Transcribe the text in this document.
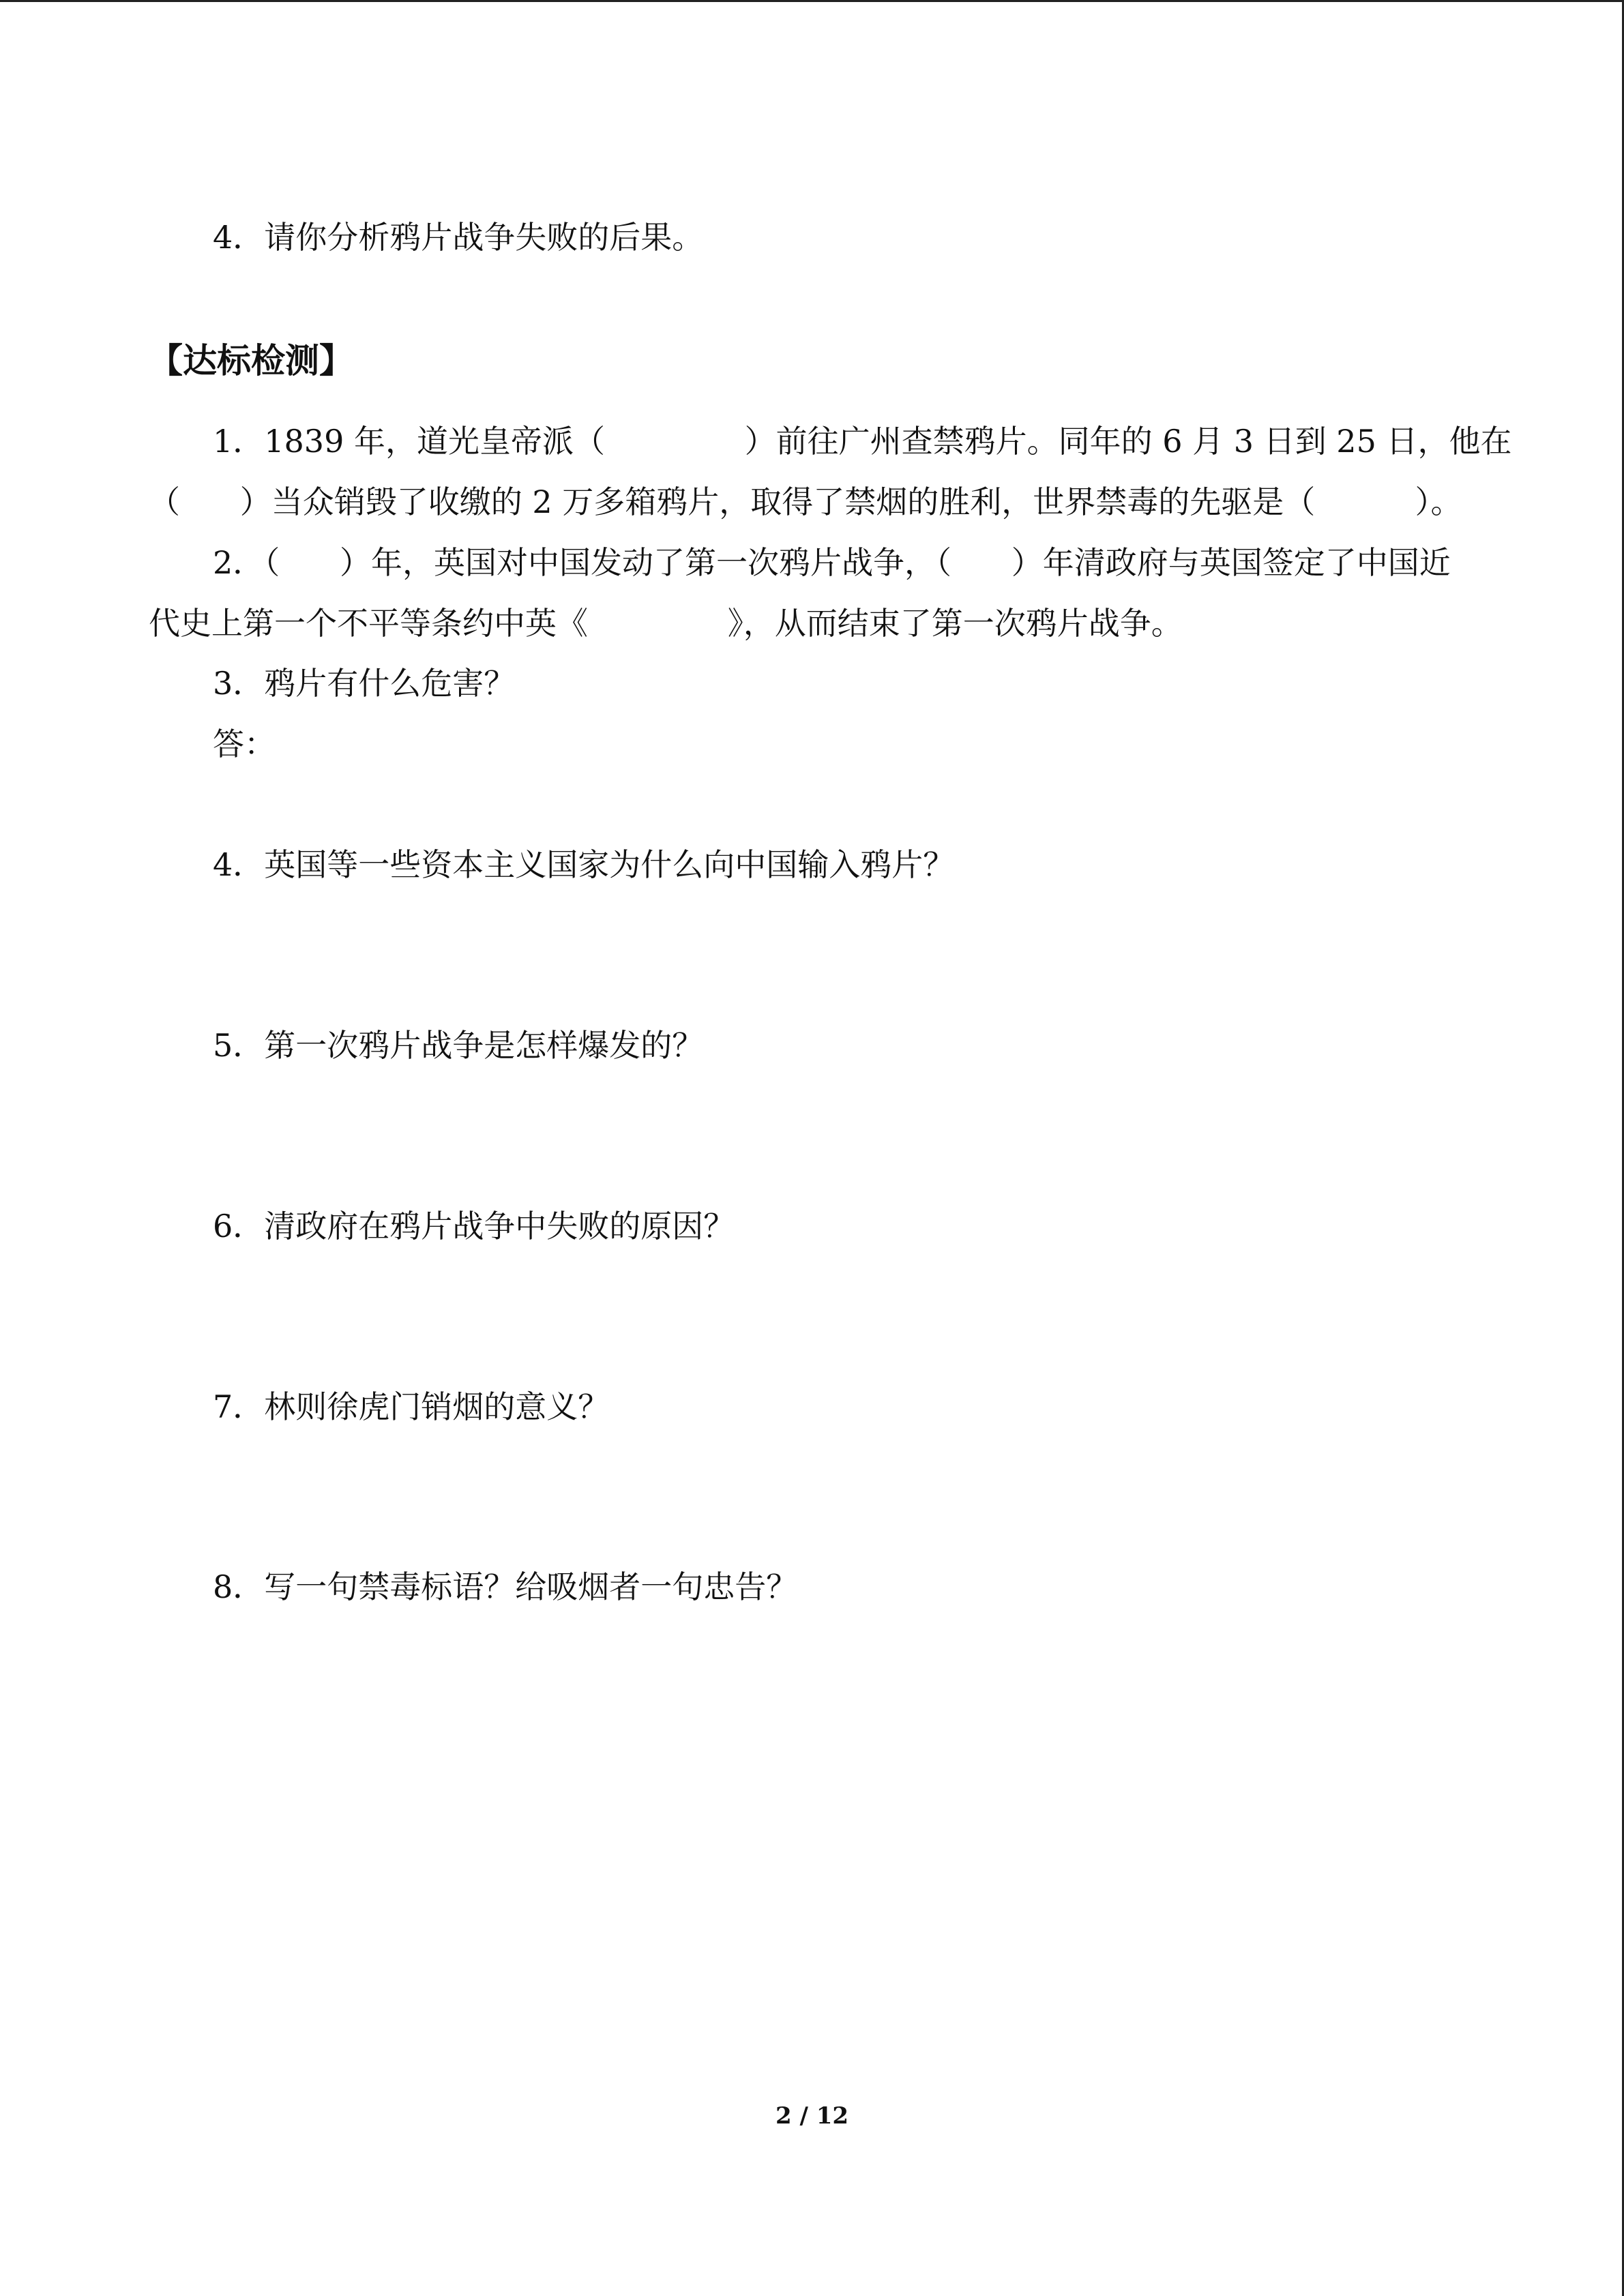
4．请你分析鸦片战争失败的后果。
【达标检测】
1．1839 年，道光皇帝派（              ）前往广州查禁鸦片。同年的 6 月 3 日到 25 日，他在
（      ）当众销毁了收缴的 2 万多箱鸦片，取得了禁烟的胜利，世界禁毒的先驱是（          ）。
2．（      ）年，英国对中国发动了第一次鸦片战争，（      ）年清政府与英国签定了中国近
代史上第一个不平等条约中英《              》，从而结束了第一次鸦片战争。
3．鸦片有什么危害？
答：
4．英国等一些资本主义国家为什么向中国输入鸦片？
5．第一次鸦片战争是怎样爆发的？
6．清政府在鸦片战争中失败的原因？
7．林则徐虎门销烟的意义？
8．写一句禁毒标语？给吸烟者一句忠告？
2 / 12
